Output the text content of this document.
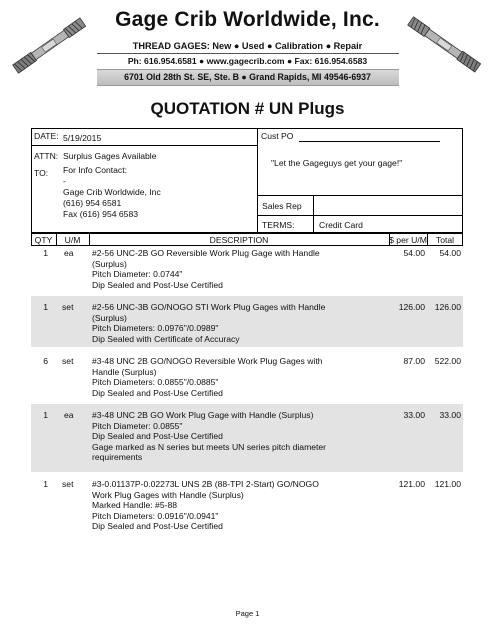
Gage Crib Worldwide, Inc.
THREAD GAGES: New ● Used ● Calibration ● Repair
Ph: 616.954.6581 ● www.gagecrib.com ● Fax: 616.954.6583
6701 Old 28th St. SE, Ste. B ● Grand Rapids, MI 49546-6937
QUOTATION # UN Plugs
DATE: 5/19/2015
ATTN: Surplus Gages Available
TO: For Info Contact:
-
Gage Crib Worldwide, Inc
(616) 954 6581
Fax (616) 954 6583
Cust PO
"Let the Gageguys get your gage!"
Sales Rep
TERMS:	Credit Card
QTY	U/M	DESCRIPTION	$ per U/M	Total
1 ea #2-56 UNC-2B GO Reversible Work Plug Gage with Handle
(Surplus)
Pitch Diameter: 0.0744"
Dip Sealed and Post-Use Certified
54.00	54.00
1 set #2-56 UNC-3B GO/NOGO STI Work Plug Gages with Handle
(Surplus)
Pitch Diameters: 0.0976"/0.0989"
Dip Sealed with Certificate of Accuracy
126.00	126.00
6 set #3-48 UNC 2B GO/NOGO Reversible Work Plug Gages with
Handle (Surplus)
Pitch Diameters: 0.0855"/0.0885"
Dip Sealed and Post-Use Certified
87.00	522.00
1 ea #3-48 UNC 2B GO Work Plug Gage with Handle (Surplus)
Pitch Diameter: 0.0855"
Dip Sealed and Post-Use Certified
Gage marked as N series but meets UN series pitch diameter
requirements
33.00	33.00
1 set #3-0.01137P-0.02273L UNS 2B (88-TPI 2-Start) GO/NOGO
Work Plug Gages with Handle (Surplus)
Marked Handle: #5-88
Pitch Diameters: 0.0916"/0.0941"
Dip Sealed and Post-Use Certified
121.00	121.00
Page 1
